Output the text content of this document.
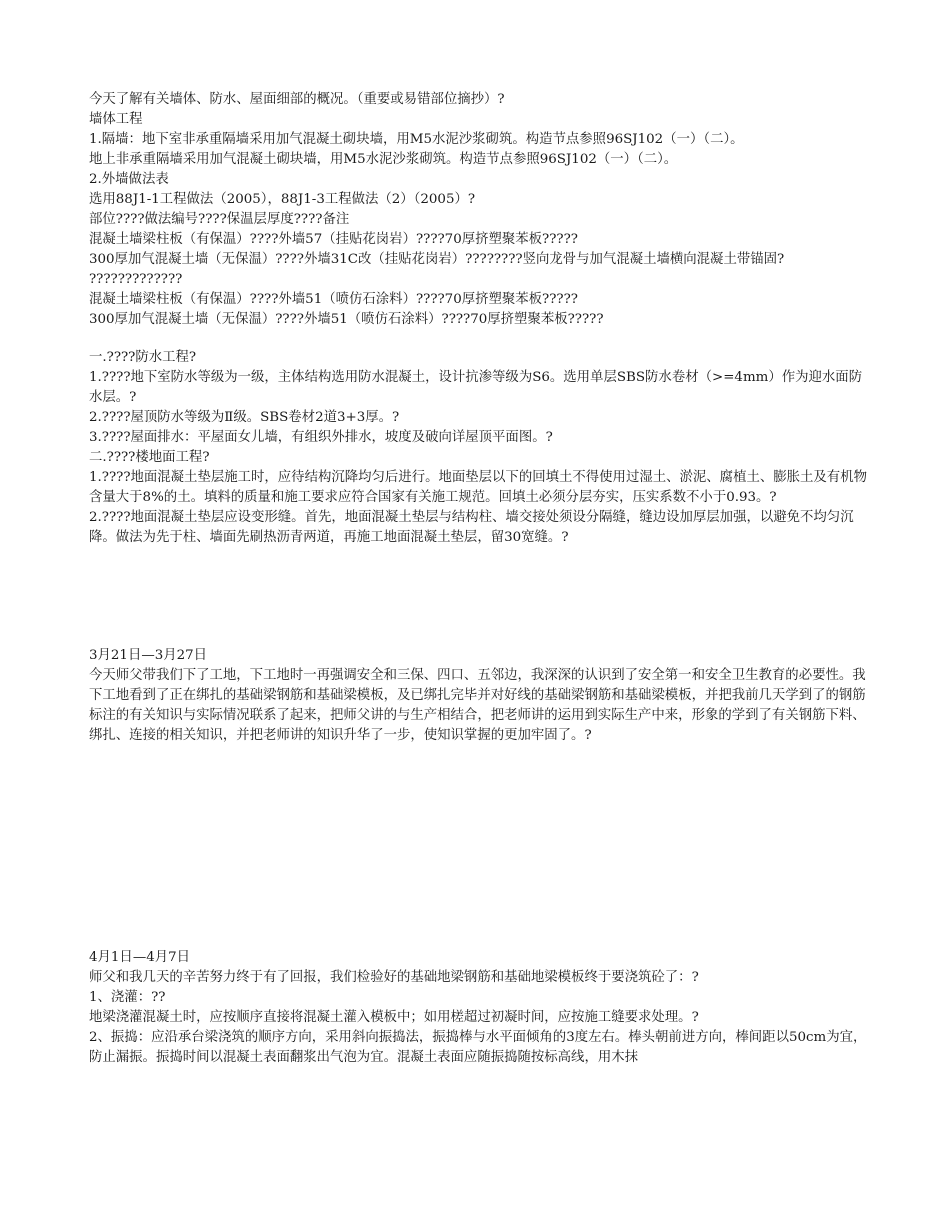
今天了解有关墙体、防水、屋面细部的概况。（重要或易错部位摘抄）?
墙体工程
1.隔墙：地下室非承重隔墙采用加气混凝土砌块墙，用M5水泥沙浆砌筑。构造节点参照96SJ102（一）（二）。
地上非承重隔墙采用加气混凝土砌块墙，用M5水泥沙浆砌筑。构造节点参照96SJ102（一）（二）。
2.外墙做法表
选用88J1-1工程做法（2005），88J1-3工程做法（2）（2005）?
部位????做法编号????保温层厚度????备注
混凝土墙梁柱板（有保温）????外墙57（挂贴花岗岩）????70厚挤塑聚苯板?????
300厚加气混凝土墙（无保温）????外墙31C改（挂贴花岗岩）????????竖向龙骨与加气混凝土墙横向混凝土带锚固?
?????????????
混凝土墙梁柱板（有保温）????外墙51（喷仿石涂料）????70厚挤塑聚苯板?????
300厚加气混凝土墙（无保温）????外墙51（喷仿石涂料）????70厚挤塑聚苯板?????
一.????防水工程?
1.????地下室防水等级为一级，主体结构选用防水混凝土，设计抗渗等级为S6。选用单层SBS防水卷材（>=4mm）作为迎水面防水层。?
2.????屋顶防水等级为Ⅱ级。SBS卷材2道3+3厚。?
3.????屋面排水：平屋面女儿墙，有组织外排水，坡度及破向详屋顶平面图。?
二.????楼地面工程?
1.????地面混凝土垫层施工时，应待结构沉降均匀后进行。地面垫层以下的回填土不得使用过湿土、淤泥、腐植土、膨胀土及有机物含量大于8%的土。填料的质量和施工要求应符合国家有关施工规范。回填土必须分层夯实，压实系数不小于0.93。?
2.????地面混凝土垫层应设变形缝。首先，地面混凝土垫层与结构柱、墙交接处须设分隔缝，缝边设加厚层加强，以避免不均匀沉降。做法为先于柱、墙面先刷热沥青两道，再施工地面混凝土垫层，留30宽缝。?
3月21日—3月27日
今天师父带我们下了工地，下工地时一再强调安全和三保、四口、五邻边，我深深的认识到了安全第一和安全卫生教育的必要性。我下工地看到了正在绑扎的基础梁钢筋和基础梁模板，及已绑扎完毕并对好线的基础梁钢筋和基础梁模板，并把我前几天学到了的钢筋标注的有关知识与实际情况联系了起来，把师父讲的与生产相结合，把老师讲的运用到实际生产中来，形象的学到了有关钢筋下料、绑扎、连接的相关知识，并把老师讲的知识升华了一步，使知识掌握的更加牢固了。?
4月1日—4月7日
师父和我几天的辛苦努力终于有了回报，我们检验好的基础地梁钢筋和基础地梁模板终于要浇筑砼了：?
1、浇灌：??
地梁浇灌混凝土时，应按顺序直接将混凝土灌入模板中；如用槎超过初凝时间，应按施工缝要求处理。?
2、振捣：应沿承台梁浇筑的顺序方向，采用斜向振捣法，振捣棒与水平面倾角的3度左右。棒头朝前进方向，棒间距以50cm为宜，防止漏振。振捣时间以混凝土表面翻浆出气泡为宜。混凝土表面应随振捣随按标高线，用木抹
